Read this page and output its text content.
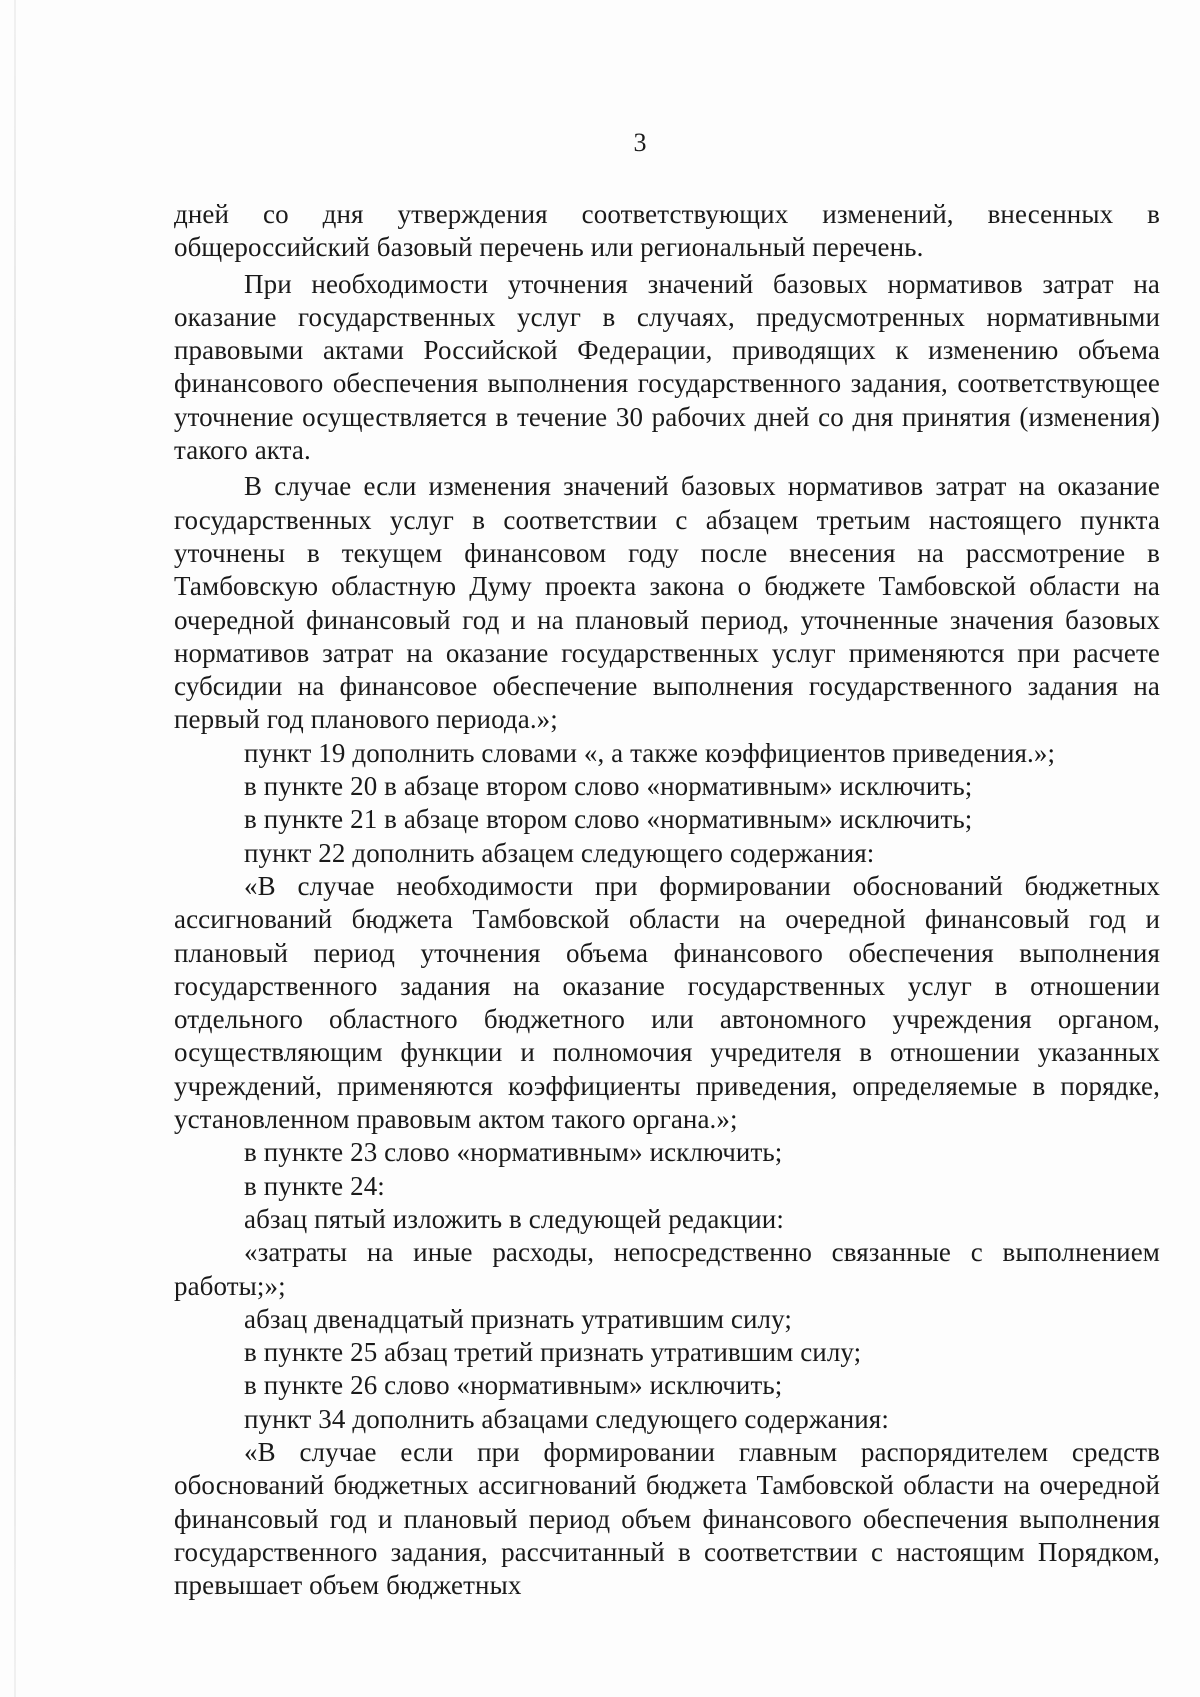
3

дней со дня утверждения соответствующих изменений, внесенных в общероссийский базовый перечень или региональный перечень.

При необходимости уточнения значений базовых нормативов затрат на оказание государственных услуг в случаях, предусмотренных нормативными правовыми актами Российской Федерации, приводящих к изменению объема финансового обеспечения выполнения государственного задания, соответствующее уточнение осуществляется в течение 30 рабочих дней со дня принятия (изменения) такого акта.

В случае если изменения значений базовых нормативов затрат на оказание государственных услуг в соответствии с абзацем третьим настоящего пункта уточнены в текущем финансовом году после внесения на рассмотрение в Тамбовскую областную Думу проекта закона о бюджете Тамбовской области на очередной финансовый год и на плановый период, уточненные значения базовых нормативов затрат на оказание государственных услуг применяются при расчете субсидии на финансовое обеспечение выполнения государственного задания на первый год планового периода.»;

пункт 19 дополнить словами «, а также коэффициентов приведения.»;

в пункте 20 в абзаце втором слово «нормативным» исключить;

в пункте 21 в абзаце втором слово «нормативным» исключить;

пункт 22 дополнить абзацем следующего содержания:

«В случае необходимости при формировании обоснований бюджетных ассигнований бюджета Тамбовской области на очередной финансовый год и плановый период уточнения объема финансового обеспечения выполнения государственного задания на оказание государственных услуг в отношении отдельного областного бюджетного или автономного учреждения органом, осуществляющим функции и полномочия учредителя в отношении указанных учреждений, применяются коэффициенты приведения, определяемые в порядке, установленном правовым актом такого органа.»;

в пункте 23 слово «нормативным» исключить;

в пункте 24:

абзац пятый изложить в следующей редакции:

«затраты на иные расходы, непосредственно связанные с выполнением работы;»;

абзац двенадцатый признать утратившим силу;

в пункте 25 абзац третий признать утратившим силу;

в пункте 26 слово «нормативным» исключить;

пункт 34 дополнить абзацами следующего содержания:

«В случае если при формировании главным распорядителем средств обоснований бюджетных ассигнований бюджета Тамбовской области на очередной финансовый год и плановый период объем финансового обеспечения выполнения государственного задания, рассчитанный в соответствии с настоящим Порядком, превышает объем бюджетных
